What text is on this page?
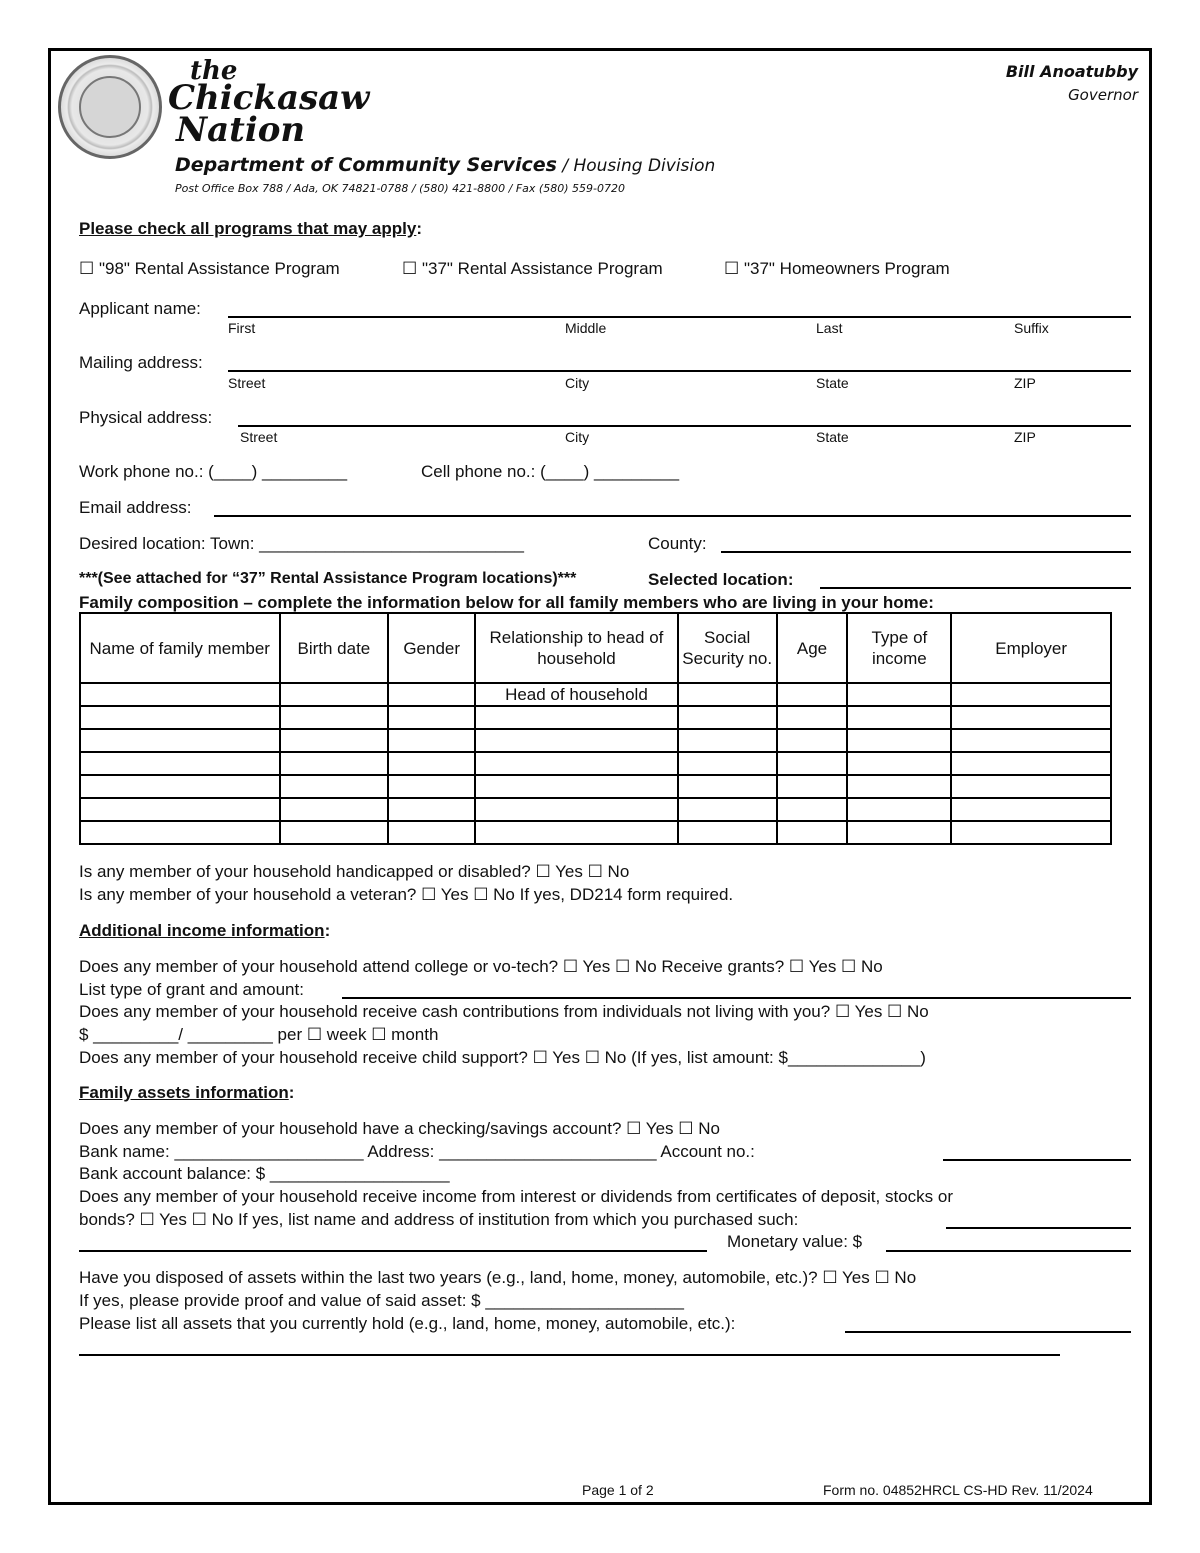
the
Chickasaw
Nation
Department of Community Services / Housing Division
Post Office Box 788 / Ada, OK 74821-0788 / (580) 421-8800 / Fax (580) 559-0720
Bill Anoatubby
Governor
Please check all programs that may apply:
☐ "98" Rental Assistance Program	☐ "37" Rental Assistance Program	☐ "37" Homeowners Program
Applicant name:
First	Middle	Last	Suffix
Mailing address:
Street	City	State	ZIP
Physical address:
Street	City	State	ZIP
Work phone no.: (____) _________	Cell phone no.: (____) _________
Email address:
Desired location: Town: ____________________________	County:
***(See attached for “37” Rental Assistance Program locations)***	Selected location:
Family composition – complete the information below for all family members who are living in your home:
Name of family member	Birth date	Gender	Relationship to head of household	Social Security no.	Age	Type of income	Employer
			Head of household				

Is any member of your household handicapped or disabled? ☐ Yes ☐ No
Is any member of your household a veteran? ☐ Yes ☐ No If yes, DD214 form required.
Additional income information:
Does any member of your household attend college or vo-tech? ☐ Yes ☐ No Receive grants? ☐ Yes ☐ No
List type of grant and amount:
Does any member of your household receive cash contributions from individuals not living with you? ☐ Yes ☐ No
$ _________/ _________ per ☐ week ☐ month
Does any member of your household receive child support? ☐ Yes ☐ No (If yes, list amount: $______________)
Family assets information:
Does any member of your household have a checking/savings account? ☐ Yes ☐ No
Bank name: ____________________ Address: _______________________ Account no.:
Bank account balance: $ ___________________
Does any member of your household receive income from interest or dividends from certificates of deposit, stocks or
bonds? ☐ Yes ☐ No If yes, list name and address of institution from which you purchased such:
Monetary value: $
Have you disposed of assets within the last two years (e.g., land, home, money, automobile, etc.)? ☐ Yes ☐ No
If yes, please provide proof and value of said asset: $ _____________________
Please list all assets that you currently hold (e.g., land, home, money, automobile, etc.):
Page 1 of 2	Form no. 04852HRCL CS-HD Rev. 11/2024
